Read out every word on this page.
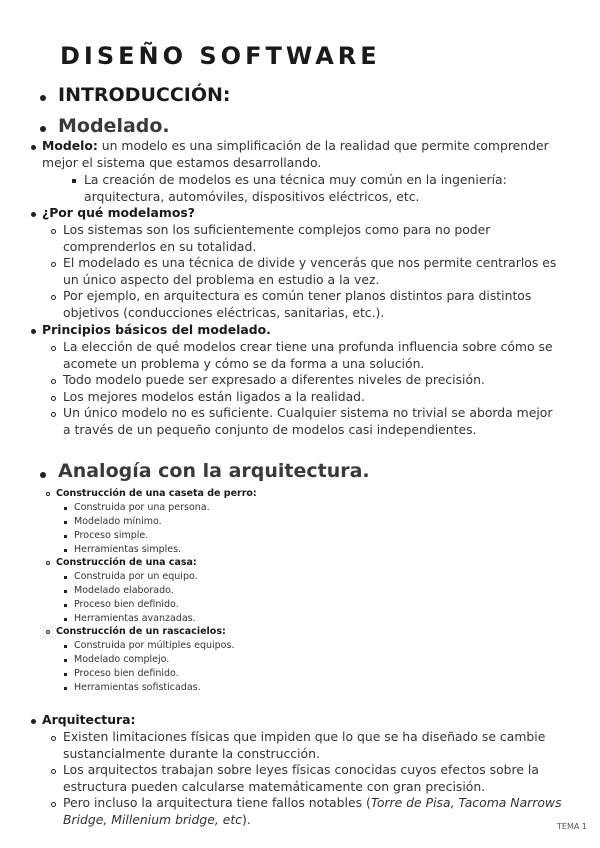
DISEÑO SOFTWARE
INTRODUCCIÓN:
Modelado.
Modelo: un modelo es una simplificación de la realidad que permite comprender mejor el sistema que estamos desarrollando.
La creación de modelos es una técnica muy común en la ingeniería: arquitectura, automóviles, dispositivos eléctricos, etc.
¿Por qué modelamos?
Los sistemas son los suficientemente complejos como para no poder comprenderlos en su totalidad.
El modelado es una técnica de divide y vencerás que nos permite centrarlos es un único aspecto del problema en estudio a la vez.
Por ejemplo, en arquitectura es común tener planos distintos para distintos objetivos (conducciones eléctricas, sanitarias, etc.).
Principios básicos del modelado.
La elección de qué modelos crear tiene una profunda influencia sobre cómo se acomete un problema y cómo se da forma a una solución.
Todo modelo puede ser expresado a diferentes niveles de precisión.
Los mejores modelos están ligados a la realidad.
Un único modelo no es suficiente. Cualquier sistema no trivial se aborda mejor a través de un pequeño conjunto de modelos casi independientes.
Analogía con la arquitectura.
Construcción de una caseta de perro:
Construida por una persona.
Modelado mínimo.
Proceso simple.
Herramientas simples.
Construcción de una casa:
Construida por un equipo.
Modelado elaborado.
Proceso bien definido.
Herramientas avanzadas.
Construcción de un rascacielos:
Construida por múltiples equipos.
Modelado complejo.
Proceso bien definido.
Herramientas sofisticadas.
Arquitectura:
Existen limitaciones físicas que impiden que lo que se ha diseñado se cambie sustancialmente durante la construcción.
Los arquitectos trabajan sobre leyes físicas conocidas cuyos efectos sobre la estructura pueden calcularse matemáticamente con gran precisión.
Pero incluso la arquitectura tiene fallos notables (Torre de Pisa, Tacoma Narrows Bridge, Millenium bridge, etc).	TEMA 1
